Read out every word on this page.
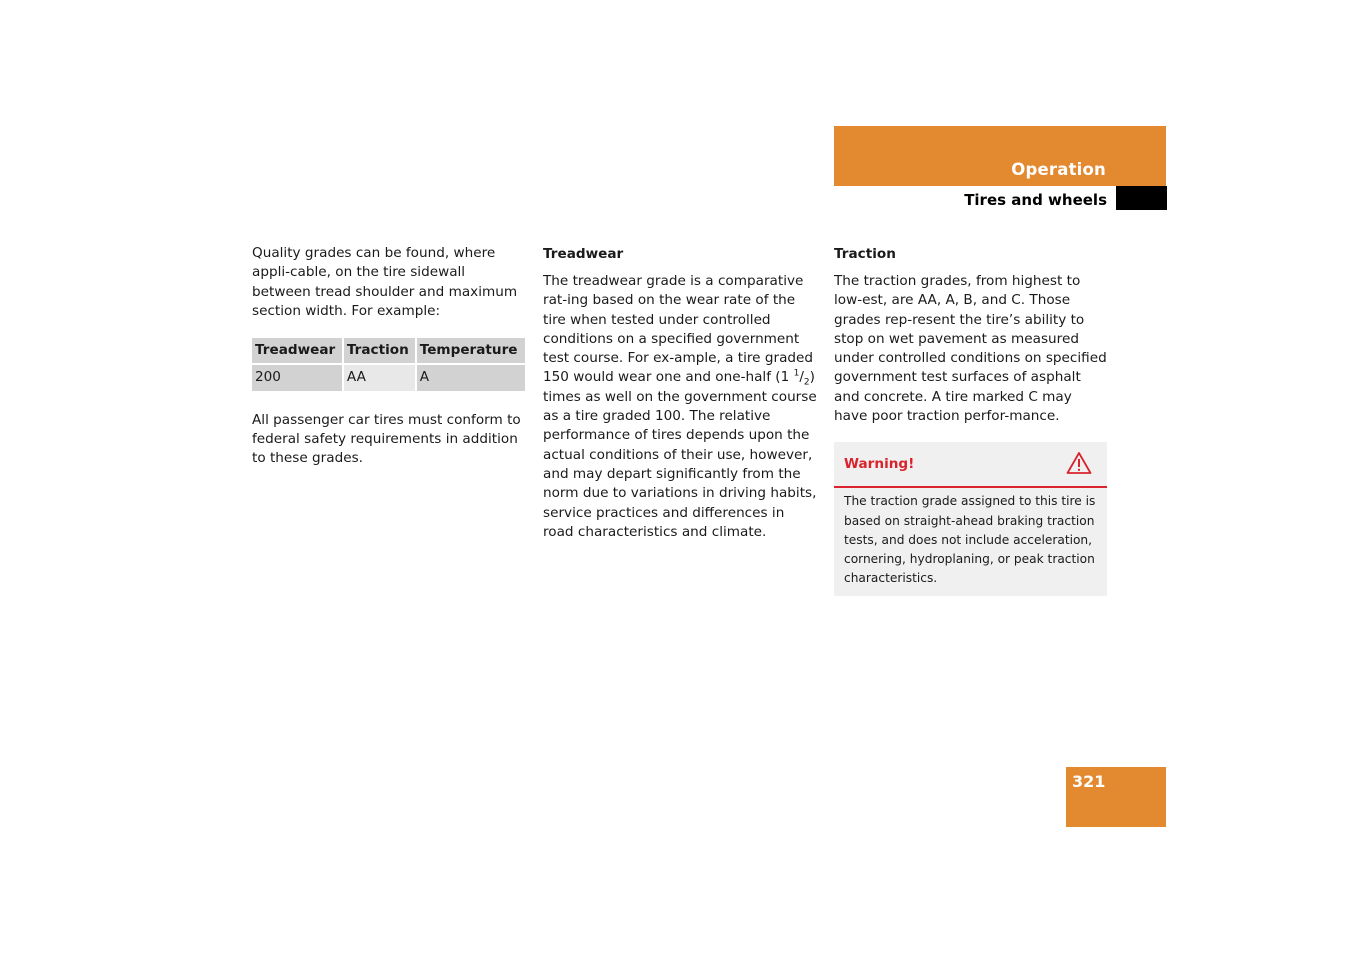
Operation
Tires and wheels

Quality grades can be found, where appli-cable, on the tire sidewall between tread shoulder and maximum section width. For example:

Treadwear	Traction	Temperature
200	AA	A

All passenger car tires must conform to federal safety requirements in addition to these grades.

Treadwear

The treadwear grade is a comparative rat-ing based on the wear rate of the tire when tested under controlled conditions on a specified government test course. For ex-ample, a tire graded 150 would wear one and one-half (1 $^1/_2$) times as well on the government course as a tire graded 100. The relative performance of tires depends upon the actual conditions of their use, however, and may depart significantly from the norm due to variations in driving habits, service practices and differences in road characteristics and climate.

Traction

The traction grades, from highest to low-est, are AA, A, B, and C. Those grades rep-resent the tire’s ability to stop on wet pavement as measured under controlled conditions on specified government test surfaces of asphalt and concrete. A tire marked C may have poor traction perfor-mance.

Warning!
The traction grade assigned to this tire is based on straight-ahead braking traction tests, and does not include acceleration, cornering, hydroplaning, or peak traction characteristics.
321
